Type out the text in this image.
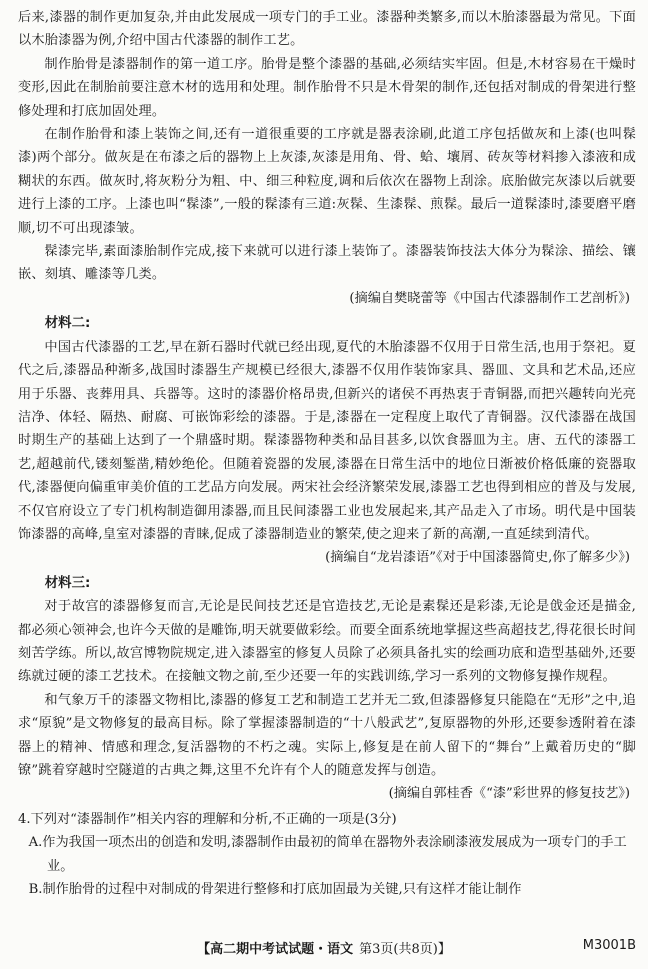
后来,漆器的制作更加复杂,并由此发展成一项专门的手工业。漆器种类繁多,而以木胎漆器最为常见。下面以木胎漆器为例,介绍中国古代漆器的制作工艺。

制作胎骨是漆器制作的第一道工序。胎骨是整个漆器的基础,必须结实牢固。但是,木材容易在干燥时变形,因此在制胎前要注意木材的选用和处理。制作胎骨不只是木骨架的制作,还包括对制成的骨架进行整修处理和打底加固处理。

在制作胎骨和漆上装饰之间,还有一道很重要的工序就是器表涂刷,此道工序包括做灰和上漆(也叫髹漆)两个部分。做灰是在布漆之后的器物上上灰漆,灰漆是用角、骨、蛤、壤屑、砖灰等材料掺入漆液和成糊状的东西。做灰时,将灰粉分为粗、中、细三种粒度,调和后依次在器物上刮涂。底胎做完灰漆以后就要进行上漆的工序。上漆也叫“髹漆”,一般的髹漆有三道:灰髹、生漆髹、煎髹。最后一道髹漆时,漆要磨平磨顺,切不可出现漆皱。

髹漆完毕,素面漆胎制作完成,接下来就可以进行漆上装饰了。漆器装饰技法大体分为髹涂、描绘、镶嵌、刻填、雕漆等几类。

(摘编自樊晓蕾等《中国古代漆器制作工艺剖析》)

材料二:

中国古代漆器的工艺,早在新石器时代就已经出现,夏代的木胎漆器不仅用于日常生活,也用于祭祀。夏代之后,漆器品种渐多,战国时漆器生产规模已经很大,漆器不仅用作装饰家具、器皿、文具和艺术品,还应用于乐器、丧葬用具、兵器等。这时的漆器价格昂贵,但新兴的诸侯不再热衷于青铜器,而把兴趣转向光亮洁净、体轻、隔热、耐腐、可嵌饰彩绘的漆器。于是,漆器在一定程度上取代了青铜器。汉代漆器在战国时期生产的基础上达到了一个鼎盛时期。髹漆器物种类和品目甚多,以饮食器皿为主。唐、五代的漆器工艺,超越前代,镂刻錾凿,精妙绝伦。但随着瓷器的发展,漆器在日常生活中的地位日渐被价格低廉的瓷器取代,漆器便向偏重审美价值的工艺品方向发展。两宋社会经济繁荣发展,漆器工艺也得到相应的普及与发展,不仅官府设立了专门机构制造御用漆器,而且民间漆器工业也发展起来,其产品走入了市场。明代是中国装饰漆器的高峰,皇室对漆器的青睐,促成了漆器制造业的繁荣,使之迎来了新的高潮,一直延续到清代。

(摘编自“龙岩漆语”《对于中国漆器简史,你了解多少》)

材料三:

对于故宫的漆器修复而言,无论是民间技艺还是官造技艺,无论是素髹还是彩漆,无论是戗金还是描金,都必须心领神会,也许今天做的是雕饰,明天就要做彩绘。而要全面系统地掌握这些高超技艺,得花很长时间刻苦学练。所以,故宫博物院规定,进入漆器室的修复人员除了必须具备扎实的绘画功底和造型基础外,还要练就过硬的漆工艺技术。在接触文物之前,至少还要一年的实践训练,学习一系列的文物修复操作规程。

和气象万千的漆器文物相比,漆器的修复工艺和制造工艺并无二致,但漆器修复只能隐在“无形”之中,追求“原貌”是文物修复的最高目标。除了掌握漆器制造的“十八般武艺”,复原器物的外形,还要参透附着在漆器上的精神、情感和理念,复活器物的不朽之魂。实际上,修复是在前人留下的“舞台”上戴着历史的“脚镣”跳着穿越时空隧道的古典之舞,这里不允许有个人的随意发挥与创造。

(摘编自郭桂香《“漆”彩世界的修复技艺》)

4.下列对“漆器制作”相关内容的理解和分析,不正确的一项是(3分)

A.作为我国一项杰出的创造和发明,漆器制作由最初的简单在器物外表涂刷漆液发展成为一项专门的手工业。

B.制作胎骨的过程中对制成的骨架进行整修和打底加固最为关键,只有这样才能让制作

【高二期中考试试题・语文 第3页(共8页)】	M3001B
